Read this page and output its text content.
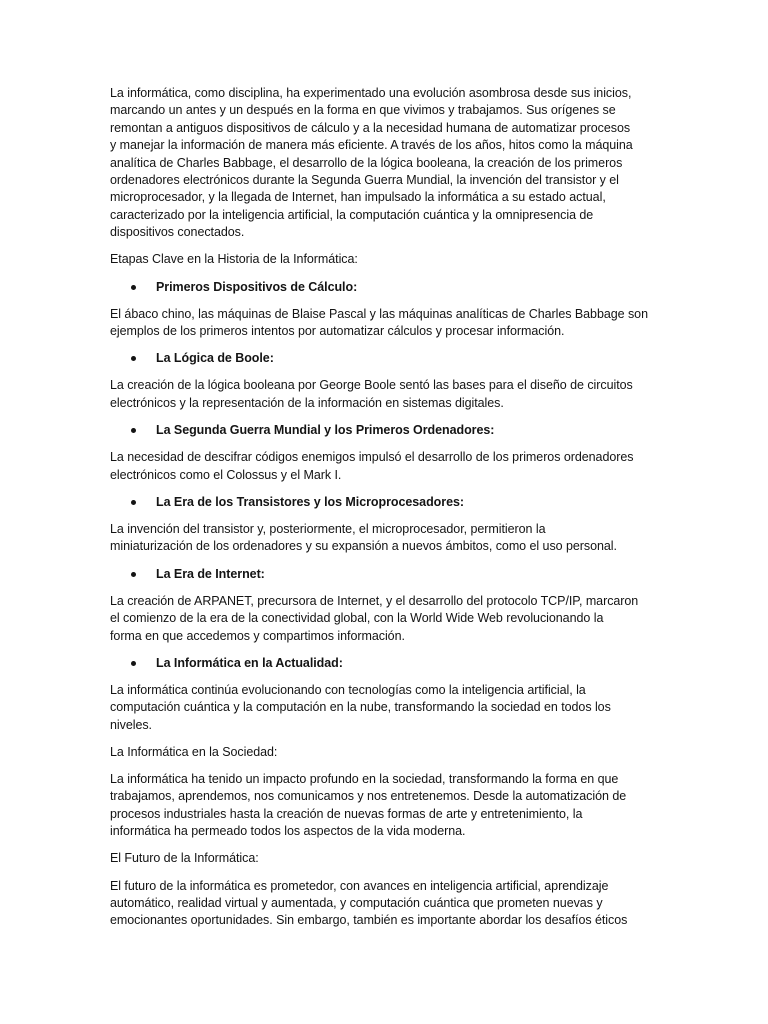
La informática, como disciplina, ha experimentado una evolución asombrosa desde sus inicios,
marcando un antes y un después en la forma en que vivimos y trabajamos. Sus orígenes se
remontan a antiguos dispositivos de cálculo y a la necesidad humana de automatizar procesos
y manejar la información de manera más eficiente. A través de los años, hitos como la máquina
analítica de Charles Babbage, el desarrollo de la lógica booleana, la creación de los primeros
ordenadores electrónicos durante la Segunda Guerra Mundial, la invención del transistor y el
microprocesador, y la llegada de Internet, han impulsado la informática a su estado actual,
caracterizado por la inteligencia artificial, la computación cuántica y la omnipresencia de
dispositivos conectados.
Etapas Clave en la Historia de la Informática:
Primeros Dispositivos de Cálculo:
El ábaco chino, las máquinas de Blaise Pascal y las máquinas analíticas de Charles Babbage son
ejemplos de los primeros intentos por automatizar cálculos y procesar información.
La Lógica de Boole:
La creación de la lógica booleana por George Boole sentó las bases para el diseño de circuitos
electrónicos y la representación de la información en sistemas digitales.
La Segunda Guerra Mundial y los Primeros Ordenadores:
La necesidad de descifrar códigos enemigos impulsó el desarrollo de los primeros ordenadores
electrónicos como el Colossus y el Mark I.
La Era de los Transistores y los Microprocesadores:
La invención del transistor y, posteriormente, el microprocesador, permitieron la
miniaturización de los ordenadores y su expansión a nuevos ámbitos, como el uso personal.
La Era de Internet:
La creación de ARPANET, precursora de Internet, y el desarrollo del protocolo TCP/IP, marcaron
el comienzo de la era de la conectividad global, con la World Wide Web revolucionando la
forma en que accedemos y compartimos información.
La Informática en la Actualidad:
La informática continúa evolucionando con tecnologías como la inteligencia artificial, la
computación cuántica y la computación en la nube, transformando la sociedad en todos los
niveles.
La Informática en la Sociedad:
La informática ha tenido un impacto profundo en la sociedad, transformando la forma en que
trabajamos, aprendemos, nos comunicamos y nos entretenemos. Desde la automatización de
procesos industriales hasta la creación de nuevas formas de arte y entretenimiento, la
informática ha permeado todos los aspectos de la vida moderna.
El Futuro de la Informática:
El futuro de la informática es prometedor, con avances en inteligencia artificial, aprendizaje
automático, realidad virtual y aumentada, y computación cuántica que prometen nuevas y
emocionantes oportunidades. Sin embargo, también es importante abordar los desafíos éticos
